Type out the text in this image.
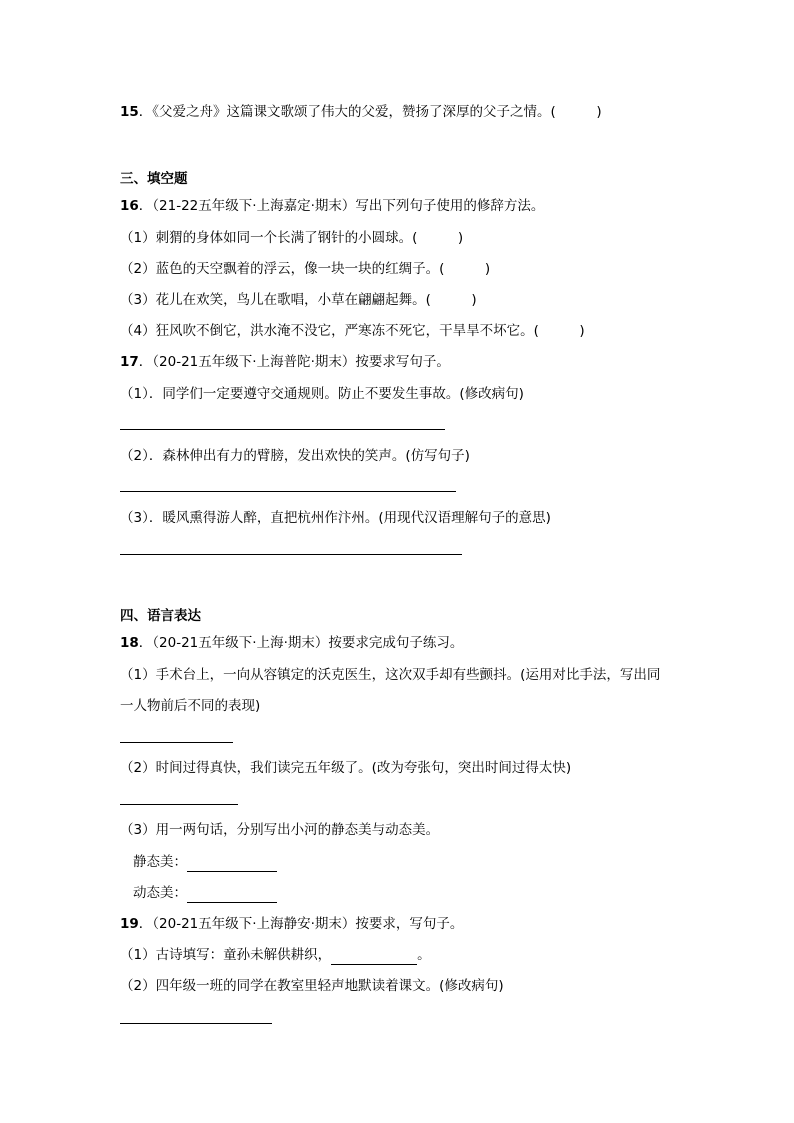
15．《父爱之舟》这篇课文歌颂了伟大的父爱，赞扬了深厚的父子之情。(　　　)
三、填空题
16．（21-22五年级下·上海嘉定·期末）写出下列句子使用的修辞方法。
（1）刺猬的身体如同一个长满了钢针的小圆球。(　　　)
（2）蓝色的天空飘着的浮云，像一块一块的红绸子。(　　　)
（3）花儿在欢笑，鸟儿在歌唱，小草在翩翩起舞。(　　　)
（4）狂风吹不倒它，洪水淹不没它，严寒冻不死它，干旱旱不坏它。(　　　)
17．（20-21五年级下·上海普陀·期末）按要求写句子。
（1）．同学们一定要遵守交通规则。防止不要发生事故。(修改病句)
（2）．森林伸出有力的臂膀，发出欢快的笑声。(仿写句子)
（3）．暖风熏得游人醉，直把杭州作汴州。(用现代汉语理解句子的意思)
四、语言表达
18．（20-21五年级下·上海·期末）按要求完成句子练习。
（1）手术台上，一向从容镇定的沃克医生，这次双手却有些颤抖。(运用对比手法，写出同
一人物前后不同的表现)
（2）时间过得真快，我们读完五年级了。(改为夸张句，突出时间过得太快)
（3）用一两句话，分别写出小河的静态美与动态美。
静态美：
动态美：
19．（20-21五年级下·上海静安·期末）按要求，写句子。
（1）古诗填写：童孙未解供耕织，	。
（2）四年级一班的同学在教室里轻声地默读着课文。(修改病句)
